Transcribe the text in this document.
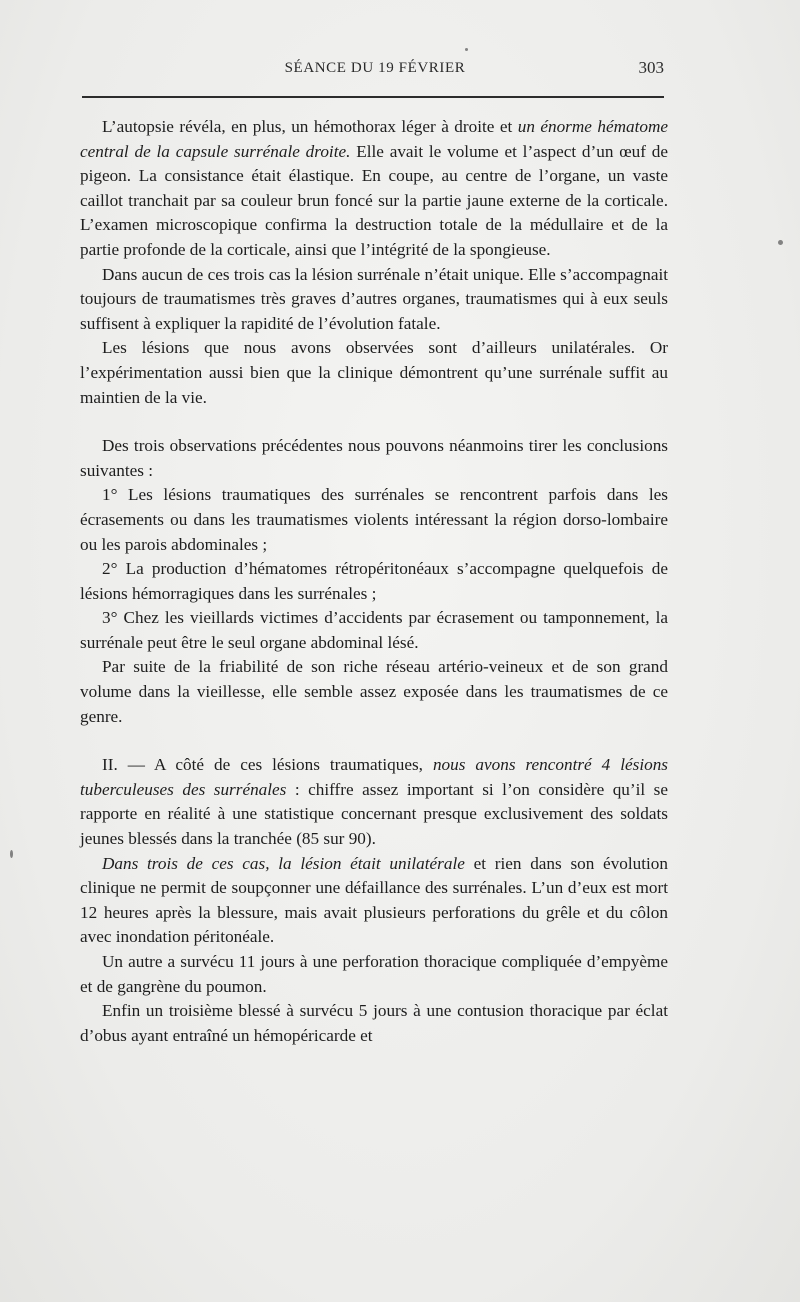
SÉANCE DU 19 FÉVRIER	303

L’autopsie révéla, en plus, un hémothorax léger à droite et un énorme hématome central de la capsule surrénale droite. Elle avait le volume et l’aspect d’un œuf de pigeon. La consistance était élastique. En coupe, au centre de l’organe, un vaste caillot tranchait par sa couleur brun foncé sur la partie jaune externe de la corticale. L’examen microscopique confirma la destruction totale de la médullaire et de la partie profonde de la corticale, ainsi que l’intégrité de la spongieuse.

Dans aucun de ces trois cas la lésion surrénale n’était unique. Elle s’accompagnait toujours de traumatismes très graves d’autres organes, traumatismes qui à eux seuls suffisent à expliquer la rapidité de l’évolution fatale.

Les lésions que nous avons observées sont d’ailleurs unilatérales. Or l’expérimentation aussi bien que la clinique démontrent qu’une surrénale suffit au maintien de la vie.

Des trois observations précédentes nous pouvons néanmoins tirer les conclusions suivantes :

1° Les lésions traumatiques des surrénales se rencontrent parfois dans les écrasements ou dans les traumatismes violents intéressant la région dorso-lombaire ou les parois abdominales ;

2° La production d’hématomes rétropéritonéaux s’accompagne quelquefois de lésions hémorragiques dans les surrénales ;

3° Chez les vieillards victimes d’accidents par écrasement ou tamponnement, la surrénale peut être le seul organe abdominal lésé.

Par suite de la friabilité de son riche réseau artério-veineux et de son grand volume dans la vieillesse, elle semble assez exposée dans les traumatismes de ce genre.

II. — A côté de ces lésions traumatiques, nous avons rencontré 4 lésions tuberculeuses des surrénales : chiffre assez important si l’on considère qu’il se rapporte en réalité à une statistique concernant presque exclusivement des soldats jeunes blessés dans la tranchée (85 sur 90).

Dans trois de ces cas, la lésion était unilatérale et rien dans son évolution clinique ne permit de soupçonner une défaillance des surrénales. L’un d’eux est mort 12 heures après la blessure, mais avait plusieurs perforations du grêle et du côlon avec inondation péritonéale.

Un autre a survécu 11 jours à une perforation thoracique compliquée d’empyème et de gangrène du poumon.

Enfin un troisième blessé à survécu 5 jours à une contusion thoracique par éclat d’obus ayant entraîné un hémopéricarde et
